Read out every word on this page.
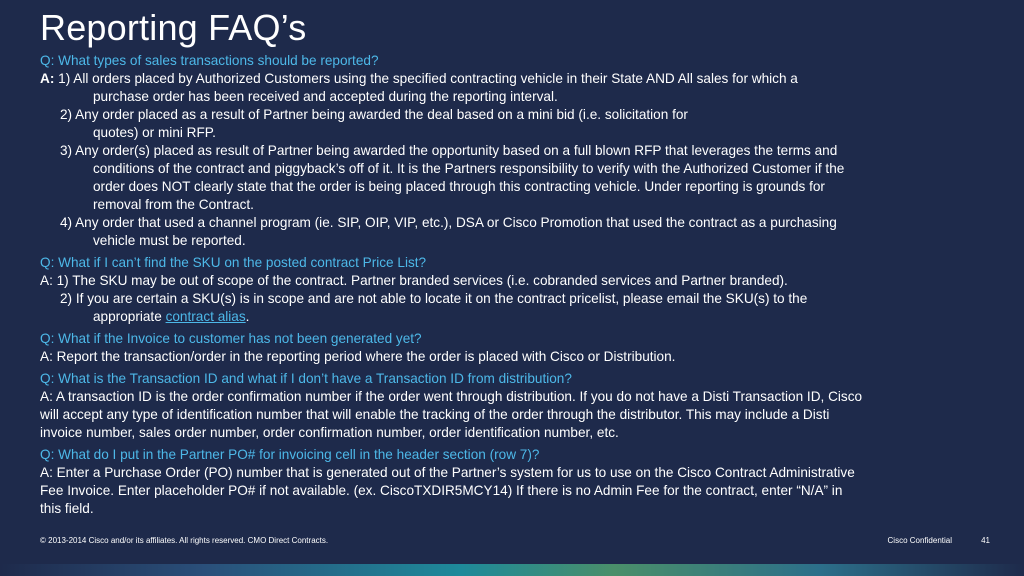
Reporting FAQ’s
Q: What types of sales transactions should be reported?
A: 1) All orders placed by Authorized Customers using the specified contracting vehicle in their State AND All sales for which a
purchase order has been received and accepted during the reporting interval.
2) Any order placed as a result of Partner being awarded the deal based on a mini bid (i.e. solicitation for
quotes) or mini RFP.
3) Any order(s) placed as result of Partner being awarded the opportunity based on a full blown RFP that leverages the terms and
conditions of the contract and piggyback’s off of it. It is the Partners responsibility to verify with the Authorized Customer if the
order does NOT clearly state that the order is being placed through this contracting vehicle. Under reporting is grounds for
removal from the Contract.
4) Any order that used a channel program (ie. SIP, OIP, VIP, etc.), DSA or Cisco Promotion that used the contract as a purchasing
vehicle must be reported.
Q: What if I can’t find the SKU on the posted contract Price List?
A: 1) The SKU may be out of scope of the contract. Partner branded services (i.e. cobranded services and Partner branded).
2) If you are certain a SKU(s) is in scope and are not able to locate it on the contract pricelist, please email the SKU(s) to the
appropriate contract alias.
Q: What if the Invoice to customer has not been generated yet?
A: Report the transaction/order in the reporting period where the order is placed with Cisco or Distribution.
Q: What is the Transaction ID and what if I don’t have a Transaction ID from distribution?
A: A transaction ID is the order confirmation number if the order went through distribution. If you do not have a Disti Transaction ID, Cisco
will accept any type of identification number that will enable the tracking of the order through the distributor. This may include a Disti
invoice number, sales order number, order confirmation number, order identification number, etc.
Q: What do I put in the Partner PO# for invoicing cell in the header section (row 7)?
A: Enter a Purchase Order (PO) number that is generated out of the Partner’s system for us to use on the Cisco Contract Administrative
Fee Invoice. Enter placeholder PO# if not available. (ex. CiscoTXDIR5MCY14) If there is no Admin Fee for the contract, enter “N/A” in
this field.
© 2013-2014 Cisco and/or its affiliates. All rights reserved. CMO Direct Contracts.	Cisco Confidential	41
